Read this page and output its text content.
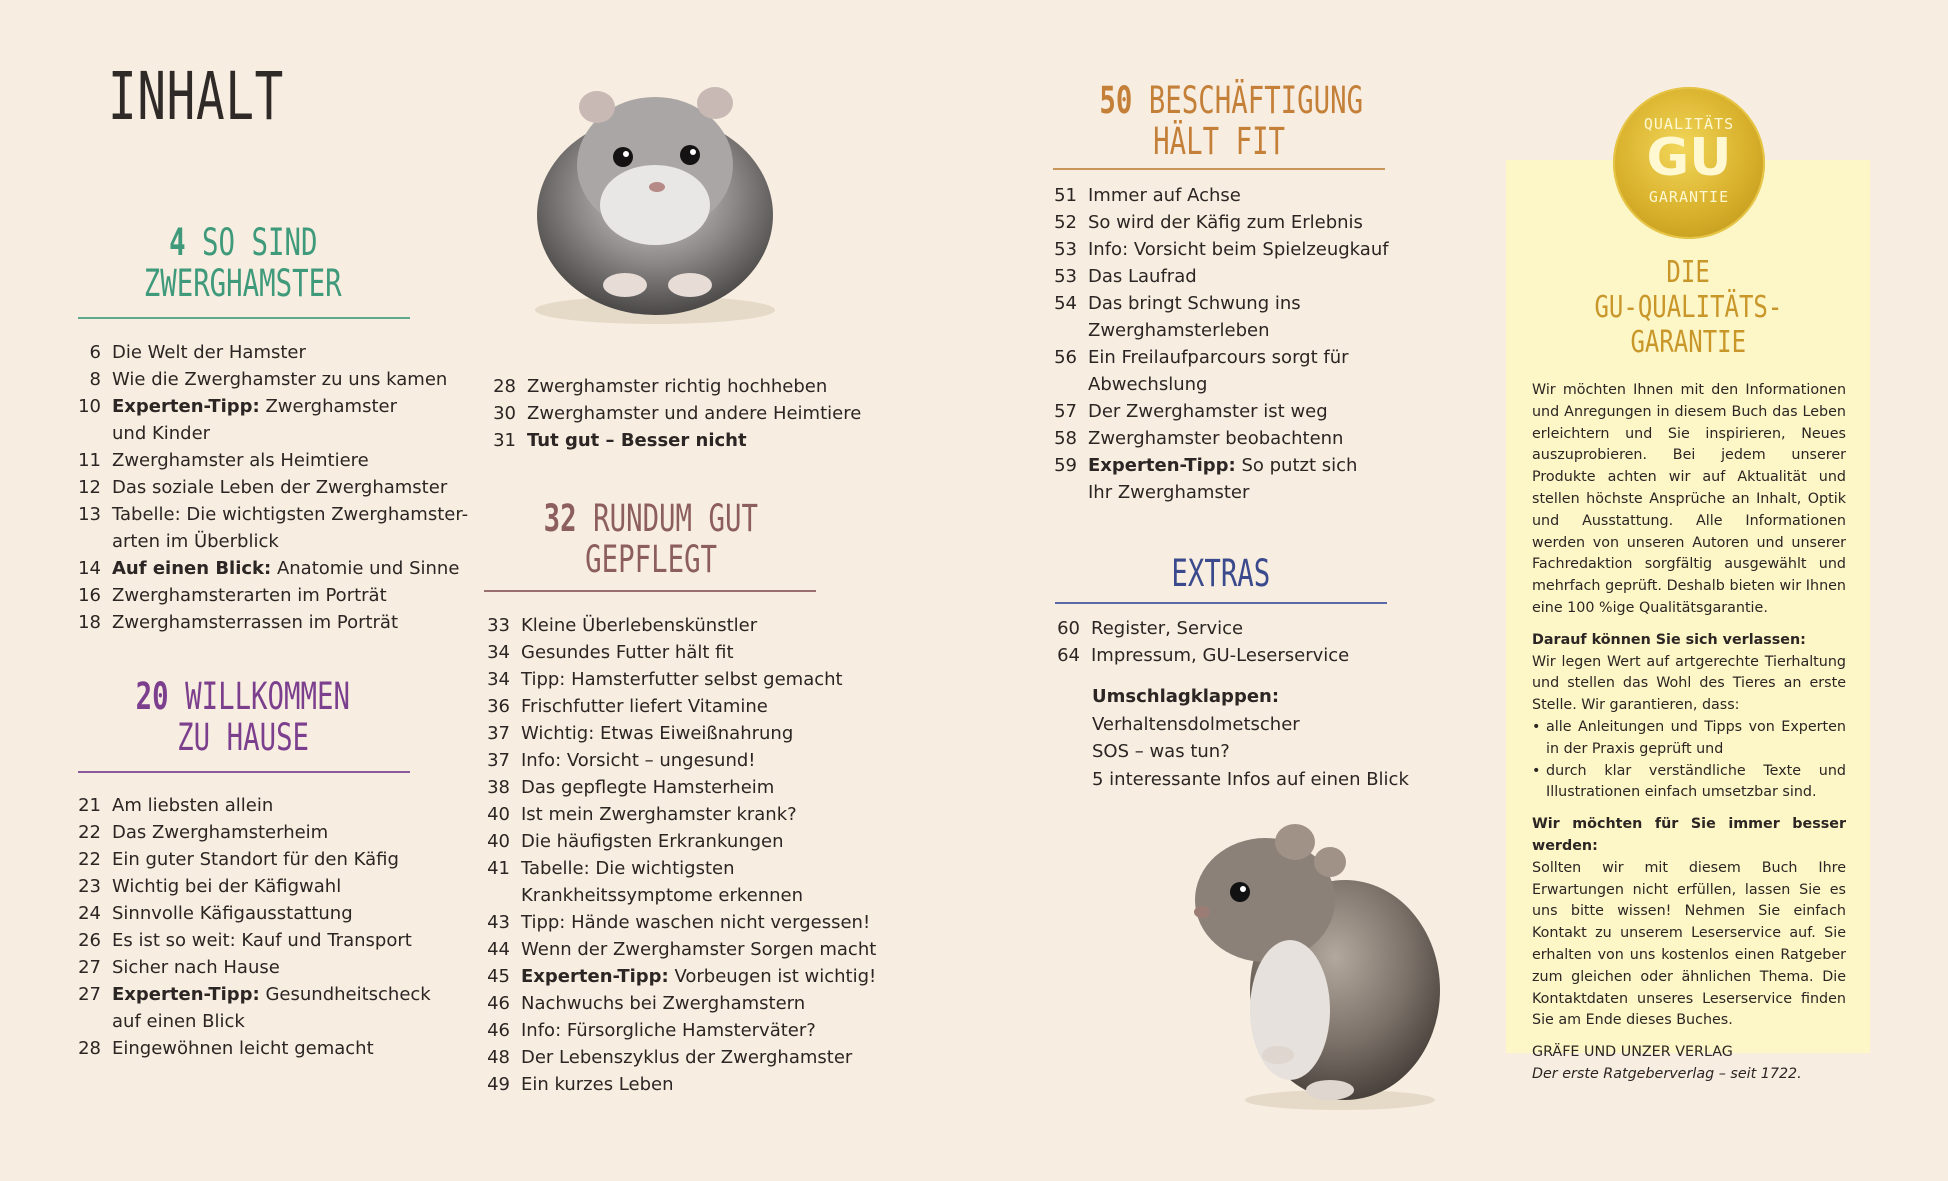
INHALT
4 SO SIND
ZWERGHAMSTER
6 Die Welt der Hamster
8 Wie die Zwerghamster zu uns kamen
10 Experten-Tipp: Zwerghamster
und Kinder
11 Zwerghamster als Heimtiere
12 Das soziale Leben der Zwerghamster
13 Tabelle: Die wichtigsten Zwerghamster-
arten im Überblick
14 Auf einen Blick: Anatomie und Sinne
16 Zwerghamsterarten im Porträt
18 Zwerghamsterrassen im Porträt
20 WILLKOMMEN
ZU HAUSE
21 Am liebsten allein
22 Das Zwerghamsterheim
22 Ein guter Standort für den Käfig
23 Wichtig bei der Käfigwahl
24 Sinnvolle Käfigausstattung
26 Es ist so weit: Kauf und Transport
27 Sicher nach Hause
27 Experten-Tipp: Gesundheitscheck
auf einen Blick
28 Eingewöhnen leicht gemacht
28 Zwerghamster richtig hochheben
30 Zwerghamster und andere Heimtiere
31 Tut gut – Besser nicht
32 RUNDUM GUT
GEPFLEGT
33 Kleine Überlebenskünstler
34 Gesundes Futter hält fit
34 Tipp: Hamsterfutter selbst gemacht
36 Frischfutter liefert Vitamine
37 Wichtig: Etwas Eiweißnahrung
37 Info: Vorsicht – ungesund!
38 Das gepflegte Hamsterheim
40 Ist mein Zwerghamster krank?
40 Die häufigsten Erkrankungen
41 Tabelle: Die wichtigsten
Krankheitssymptome erkennen
43 Tipp: Hände waschen nicht vergessen!
44 Wenn der Zwerghamster Sorgen macht
45 Experten-Tipp: Vorbeugen ist wichtig!
46 Nachwuchs bei Zwerghamstern
46 Info: Fürsorgliche Hamsterväter?
48 Der Lebenszyklus der Zwerghamster
49 Ein kurzes Leben
50 BESCHÄFTIGUNG
HÄLT FIT
51 Immer auf Achse
52 So wird der Käfig zum Erlebnis
53 Info: Vorsicht beim Spielzeugkauf
53 Das Laufrad
54 Das bringt Schwung ins
Zwerghamsterleben
56 Ein Freilaufparcours sorgt für
Abwechslung
57 Der Zwerghamster ist weg
58 Zwerghamster beobachtenn
59 Experten-Tipp: So putzt sich
Ihr Zwerghamster
EXTRAS
60 Register, Service
64 Impressum, GU-Leserservice
Umschlagklappen:
Verhaltensdolmetscher
SOS – was tun?
5 interessante Infos auf einen Blick
QUALITÄTS
GU
GARANTIE
DIE
GU-QUALITÄTS-
GARANTIE

Wir möchten Ihnen mit den Informationen und Anregungen in diesem Buch das Leben erleichtern und Sie inspirieren, Neues auszuprobieren. Bei jedem unserer Produkte achten wir auf Aktualität und stellen höchste Ansprüche an Inhalt, Optik und Ausstattung. Alle Informationen werden von unseren Autoren und unserer Fachredaktion sorgfältig ausgewählt und mehrfach geprüft. Deshalb bieten wir Ihnen eine 100 %ige Qualitätsgarantie.

Darauf können Sie sich verlassen:

Wir legen Wert auf artgerechte Tierhaltung und stellen das Wohl des Tieres an erste Stelle. Wir garantieren, dass:

• alle Anleitungen und Tipps von Experten in der Praxis geprüft und
• durch klar verständliche Texte und Illustrationen einfach umsetzbar sind.

Wir möchten für Sie immer besser werden:

Sollten wir mit diesem Buch Ihre Erwartungen nicht erfüllen, lassen Sie es uns bitte wissen! Nehmen Sie einfach Kontakt zu unserem Leserservice auf. Sie erhalten von uns kostenlos einen Ratgeber zum gleichen oder ähnlichen Thema. Die Kontaktdaten unseres Leserservice finden Sie am Ende dieses Buches.

GRÄFE UND UNZER VERLAG

Der erste Ratgeberverlag – seit 1722.
